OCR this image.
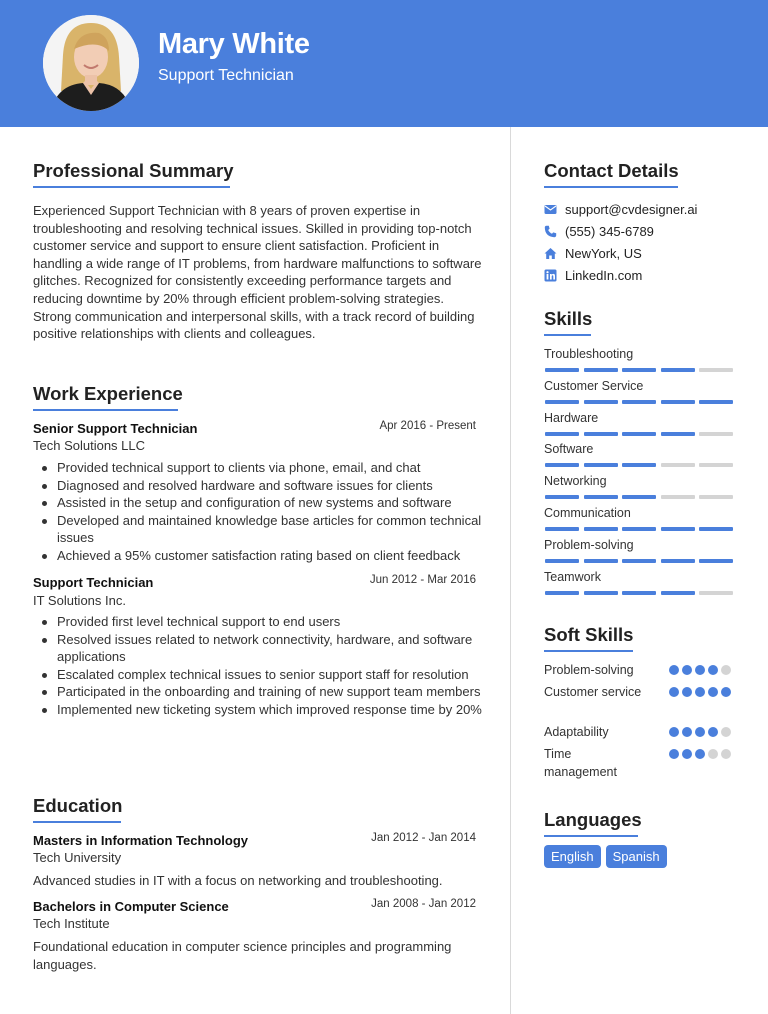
Mary White
Support Technician
Professional Summary
Experienced Support Technician with 8 years of proven expertise in troubleshooting and resolving technical issues. Skilled in providing top-notch customer service and support to ensure client satisfaction. Proficient in handling a wide range of IT problems, from hardware malfunctions to software glitches. Recognized for consistently exceeding performance targets and reducing downtime by 20% through efficient problem-solving strategies. Strong communication and interpersonal skills, with a track record of building positive relationships with clients and colleagues.
Work Experience
Senior Support Technician	Apr 2016 - Present
Tech Solutions LLC
Provided technical support to clients via phone, email, and chat
Diagnosed and resolved hardware and software issues for clients
Assisted in the setup and configuration of new systems and software
Developed and maintained knowledge base articles for common technical issues
Achieved a 95% customer satisfaction rating based on client feedback
Support Technician	Jun 2012 - Mar 2016
IT Solutions Inc.
Provided first level technical support to end users
Resolved issues related to network connectivity, hardware, and software applications
Escalated complex technical issues to senior support staff for resolution
Participated in the onboarding and training of new support team members
Implemented new ticketing system which improved response time by 20%
Education
Masters in Information Technology	Jan 2012 - Jan 2014
Tech University
Advanced studies in IT with a focus on networking and troubleshooting.
Bachelors in Computer Science	Jan 2008 - Jan 2012
Tech Institute
Foundational education in computer science principles and programming languages.
Contact Details
support@cvdesigner.ai
(555) 345-6789
NewYork, US
LinkedIn.com
Skills
Troubleshooting
Customer Service
Hardware
Software
Networking
Communication
Problem-solving
Teamwork
Soft Skills
Problem-solving
Customer service
Adaptability
Time management
Languages
English	Spanish
